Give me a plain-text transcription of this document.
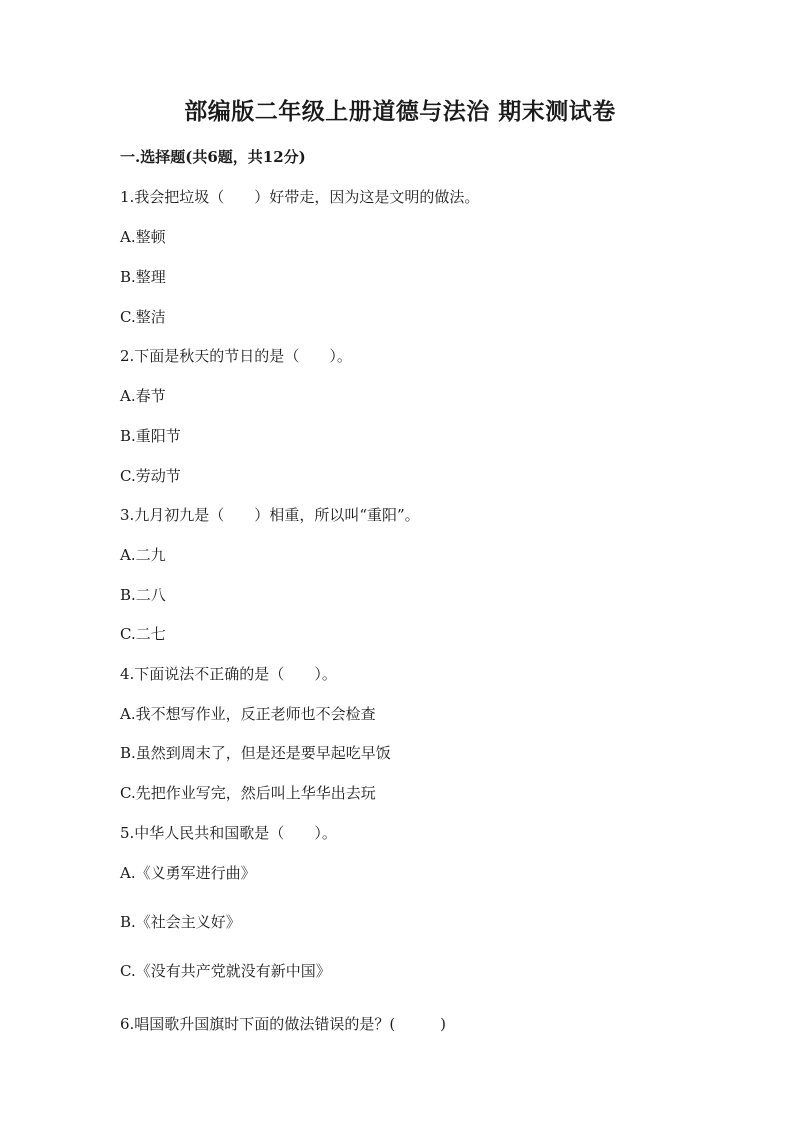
部编版二年级上册道德与法治 期末测试卷
一.选择题(共6题，共12分)
1.我会把垃圾（　　）好带走，因为这是文明的做法。
A.整顿
B.整理
C.整洁
2.下面是秋天的节日的是（　　）。
A.春节
B.重阳节
C.劳动节
3.九月初九是（　　）相重，所以叫“重阳”。
A.二九
B.二八
C.二七
4.下面说法不正确的是（　　）。
A.我不想写作业，反正老师也不会检查
B.虽然到周末了，但是还是要早起吃早饭
C.先把作业写完，然后叫上华华出去玩
5.中华人民共和国歌是（　　）。
A.《义勇军进行曲》
B.《社会主义好》
C.《没有共产党就没有新中国》
6.唱国歌升国旗时下面的做法错误的是？(　　　)
